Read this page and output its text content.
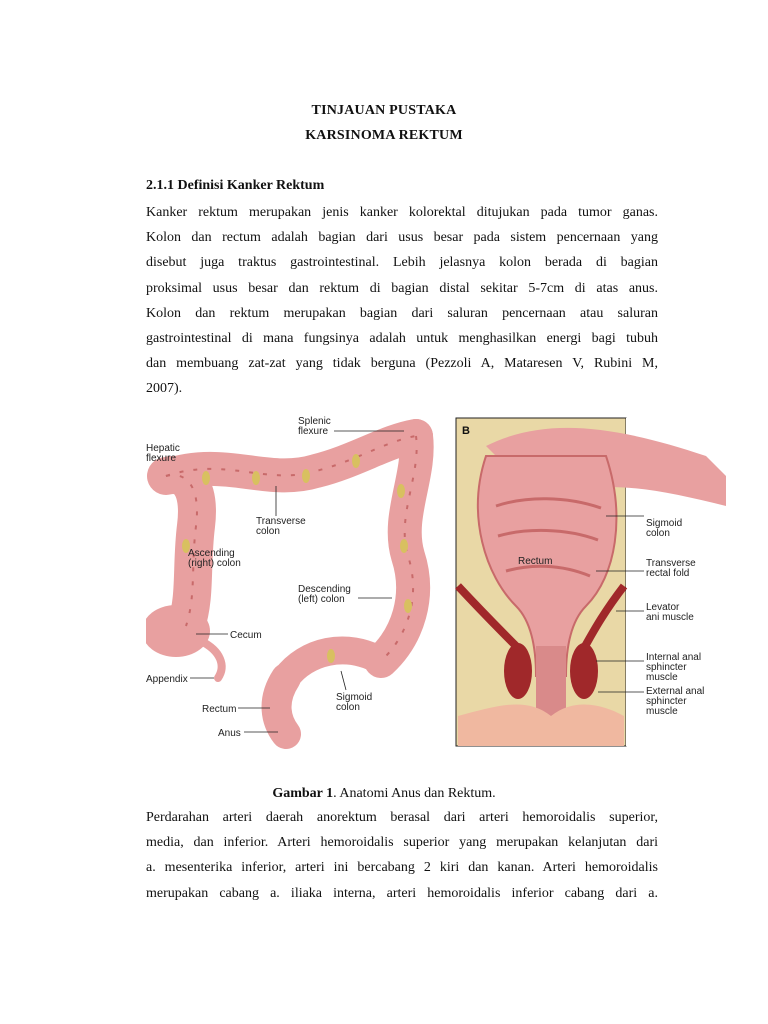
TINJAUAN PUSTAKA
KARSINOMA REKTUM
2.1.1 Definisi Kanker Rektum
Kanker rektum merupakan jenis kanker kolorektal ditujukan pada tumor ganas.
Kolon dan rectum adalah bagian dari usus besar pada sistem pencernaan yang
disebut juga traktus gastrointestinal. Lebih jelasnya kolon berada di bagian
proksimal usus besar dan rektum di bagian distal sekitar 5-7cm di atas anus.
Kolon dan rektum merupakan bagian dari saluran pencernaan atau saluran
gastrointestinal di mana fungsinya adalah untuk menghasilkan energi bagi tubuh
dan membuang zat-zat yang tidak berguna (Pezzoli A, Mataresen V, Rubini M,
2007).
Splenic
flexure
Hepatic
flexure
Transverse
colon
Ascending
(right) colon
Descending
(left) colon
Cecum
Appendix
Rectum
Sigmoid
colon
Anus
B
Rectum
Sigmoid
colon
Transverse
rectal fold
Levator
ani muscle
Internal anal
sphincter
muscle
External anal
sphincter
muscle
Gambar 1. Anatomi Anus dan Rektum.
Perdarahan arteri daerah anorektum berasal dari arteri hemoroidalis superior,
media, dan inferior. Arteri hemoroidalis superior yang merupakan kelanjutan dari
a. mesenterika inferior, arteri ini bercabang 2 kiri dan kanan. Arteri hemoroidalis
merupakan cabang a. iliaka interna, arteri hemoroidalis inferior cabang dari a.
